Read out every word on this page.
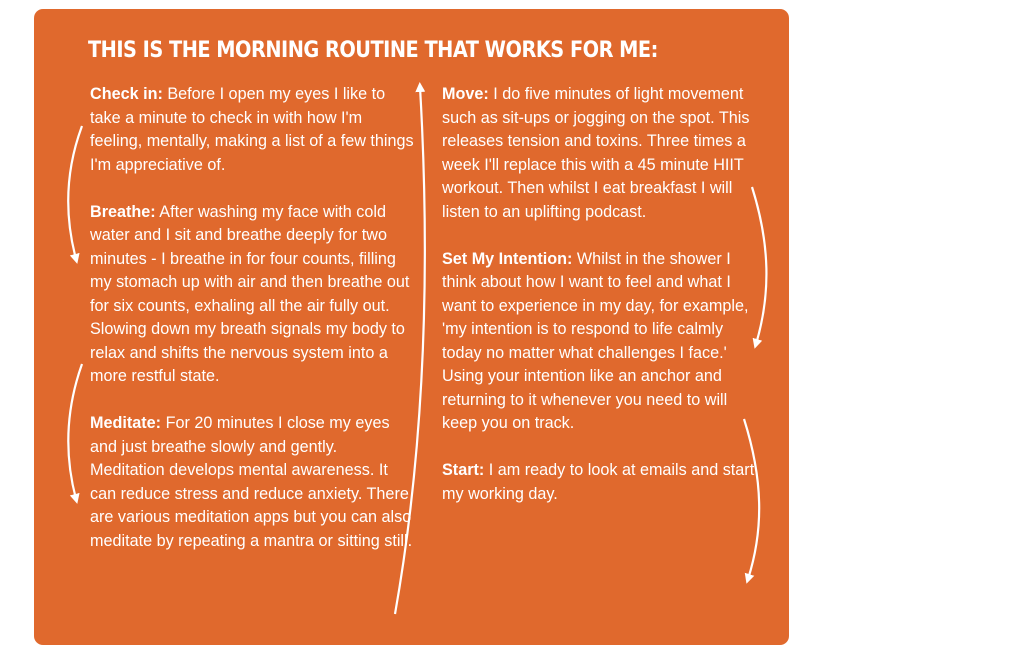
THIS IS THE MORNING ROUTINE THAT WORKS FOR ME:

Check in: Before I open my eyes I like to take a minute to check in with how I'm feeling, mentally, making a list of a few things I'm appreciative of.

Breathe: After washing my face with cold water and I sit and breathe deeply for two minutes - I breathe in for four counts, filling my stomach up with air and then breathe out for six counts, exhaling all the air fully out. Slowing down my breath signals my body to relax and shifts the nervous system into a more restful state.

Meditate: For 20 minutes I close my eyes and just breathe slowly and gently. Meditation develops mental awareness. It can reduce stress and reduce anxiety. There are various meditation apps but you can also meditate by repeating a mantra or sitting still.

Move: I do five minutes of light movement such as sit-ups or jogging on the spot. This releases tension and toxins. Three times a week I'll replace this with a 45 minute HIIT workout. Then whilst I eat breakfast I will listen to an uplifting podcast.

Set My Intention: Whilst in the shower I think about how I want to feel and what I want to experience in my day, for example, 'my intention is to respond to life calmly today no matter what challenges I face.' Using your intention like an anchor and returning to it whenever you need to will keep you on track.

Start: I am ready to look at emails and start my working day.
